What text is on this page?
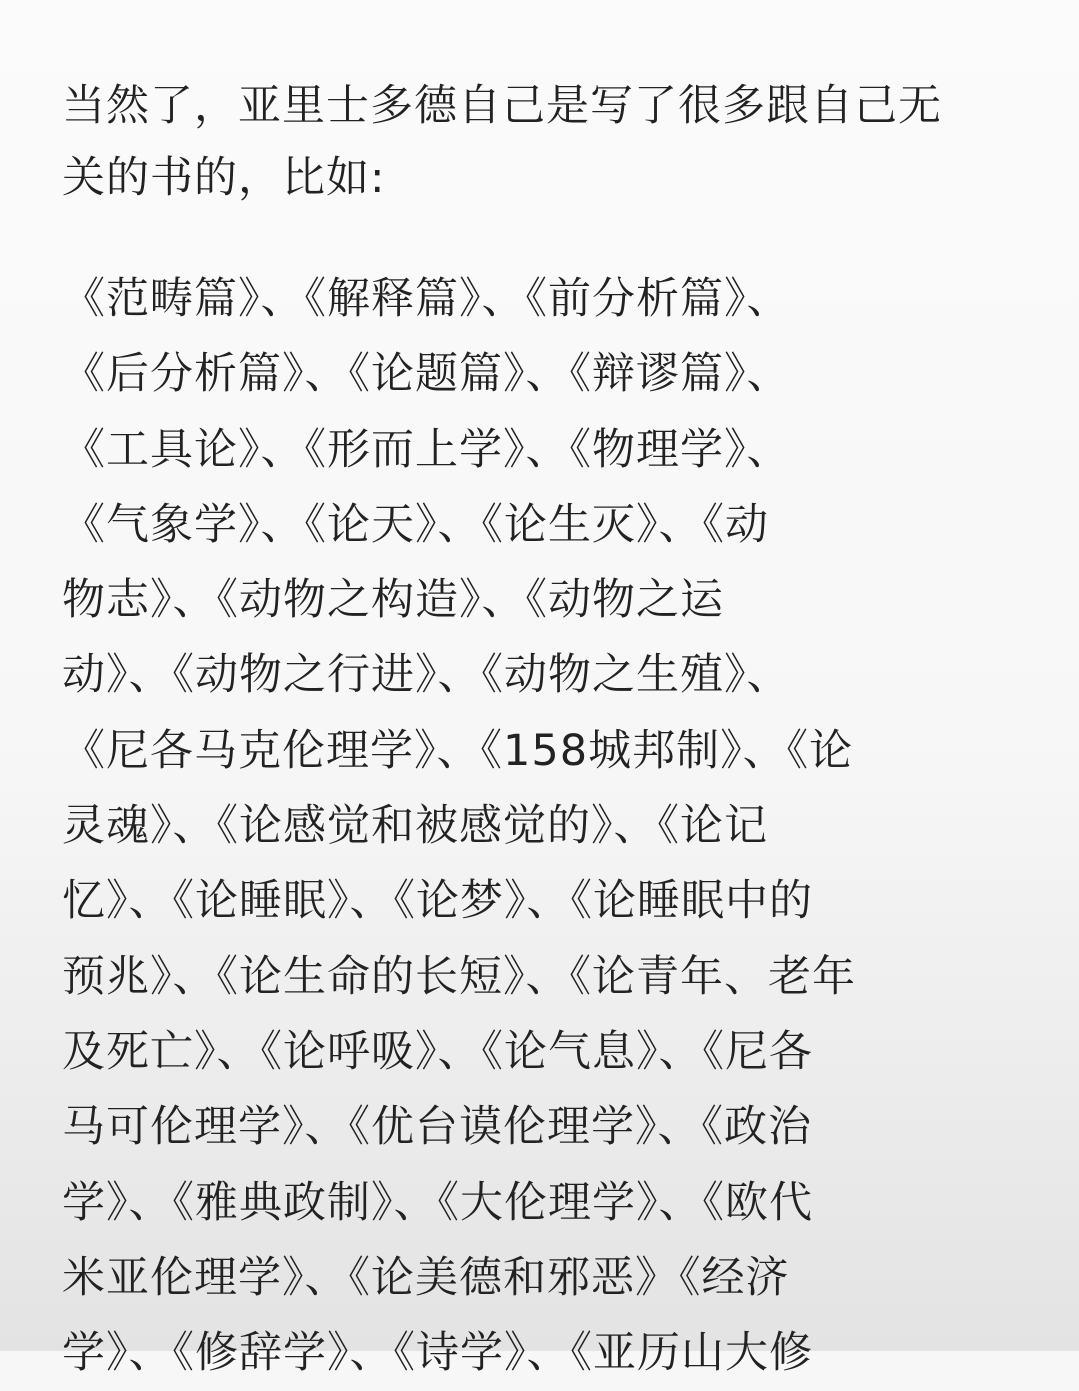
当然了，亚里士多德自己是写了很多跟自己无
关的书的，比如:

《范畴篇》、《解释篇》、《前分析篇》、
《后分析篇》、《论题篇》、《辩谬篇》、
《工具论》、《形而上学》、《物理学》、
《气象学》、《论天》、《论生灭》、《动
物志》、《动物之构造》、《动物之运
动》、《动物之行进》、《动物之生殖》、
《尼各马克伦理学》、《158城邦制》、《论
灵魂》、《论感觉和被感觉的》、《论记
忆》、《论睡眠》、《论梦》、《论睡眠中的
预兆》、《论生命的长短》、《论青年、老年
及死亡》、《论呼吸》、《论气息》、《尼各
马可伦理学》、《优台谟伦理学》、《政治
学》、《雅典政制》、《大伦理学》、《欧代
米亚伦理学》、《论美德和邪恶》《经济
学》、《修辞学》、《诗学》、《亚历山大修
